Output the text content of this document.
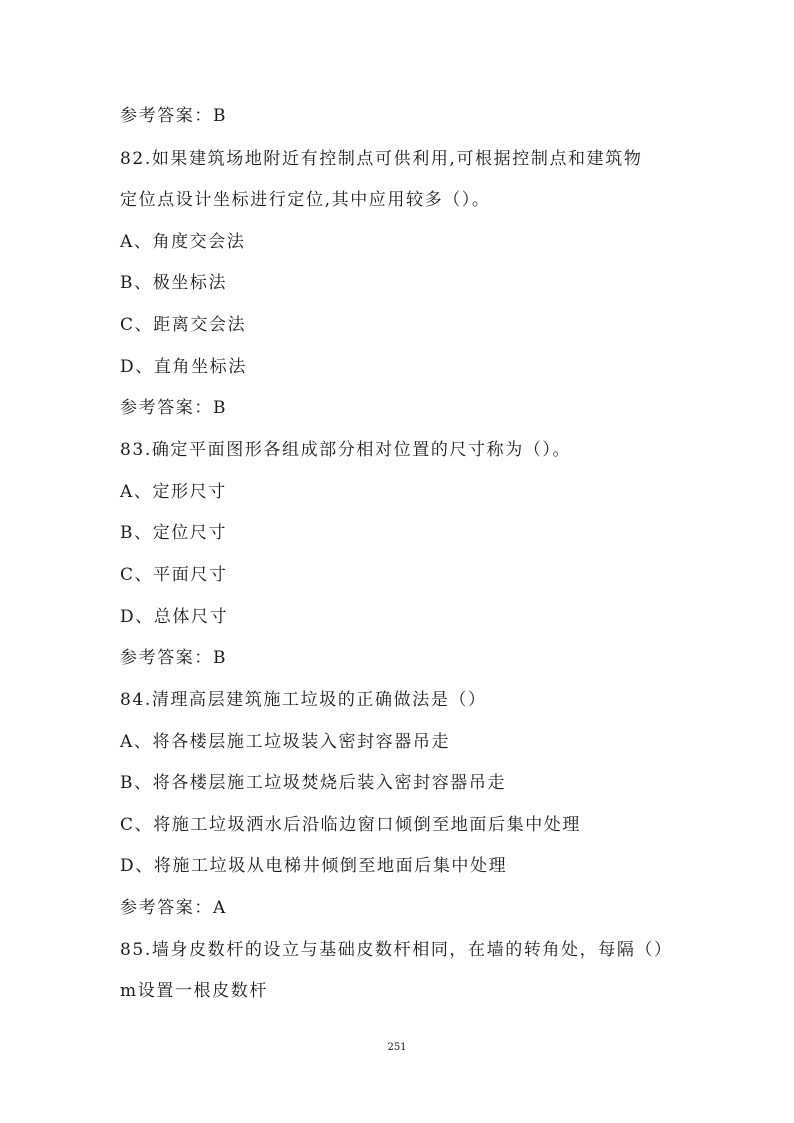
参考答案：B
82.如果建筑场地附近有控制点可供利用,可根据控制点和建筑物
定位点设计坐标进行定位,其中应用较多（）。
A、角度交会法
B、极坐标法
C、距离交会法
D、直角坐标法
参考答案：B
83.确定平面图形各组成部分相对位置的尺寸称为（）。
A、定形尺寸
B、定位尺寸
C、平面尺寸
D、总体尺寸
参考答案：B
84.清理高层建筑施工垃圾的正确做法是（）
A、将各楼层施工垃圾装入密封容器吊走
B、将各楼层施工垃圾焚烧后装入密封容器吊走
C、将施工垃圾洒水后沿临边窗口倾倒至地面后集中处理
D、将施工垃圾从电梯井倾倒至地面后集中处理
参考答案：A
85.墙身皮数杆的设立与基础皮数杆相同，在墙的转角处，每隔（）
m设置一根皮数杆
251
